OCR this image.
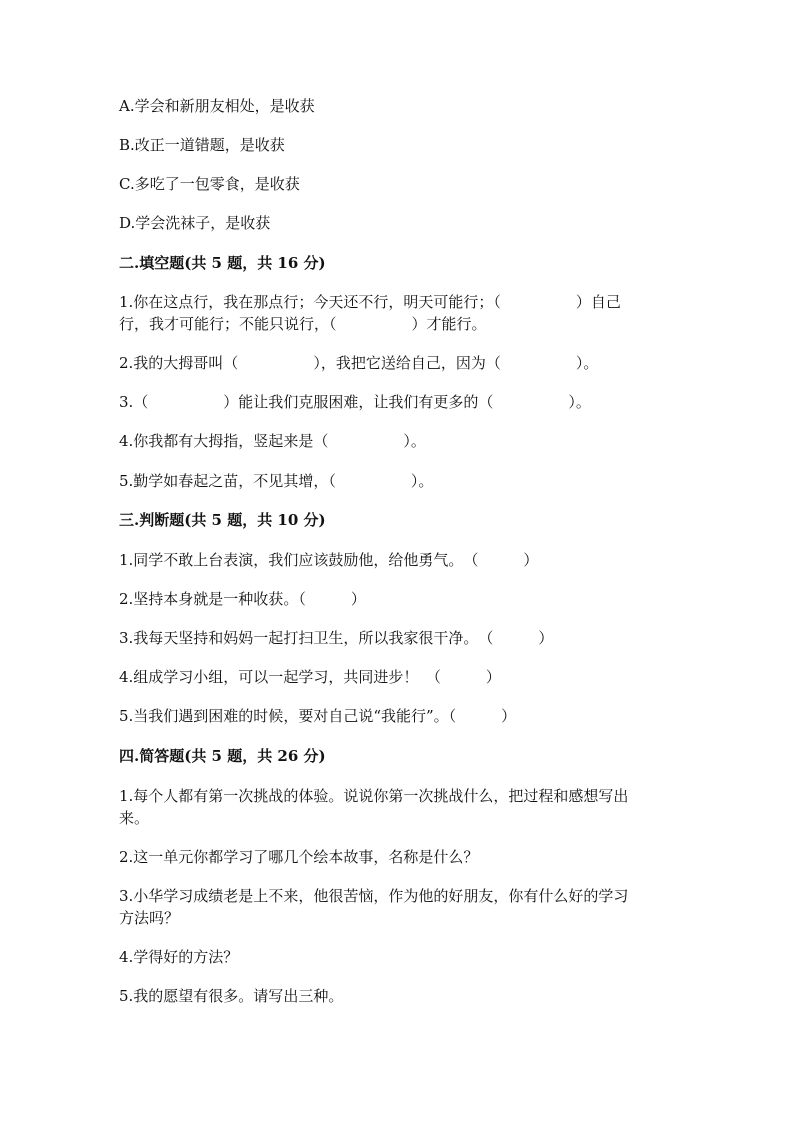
A.学会和新朋友相处，是收获
B.改正一道错题，是收获
C.多吃了一包零食，是收获
D.学会洗袜子，是收获
二.填空题(共 5 题，共 16 分)
1.你在这点行，我在那点行；今天还不行，明天可能行；（　　　　　）自己
行，我才可能行；不能只说行，（　　　　　）才能行。
2.我的大拇哥叫（　　　　　），我把它送给自己，因为（　　　　　）。
3.（　　　　　）能让我们克服困难，让我们有更多的（　　　　　）。
4.你我都有大拇指，竖起来是（　　　　　）。
5.勤学如春起之苗，不见其增，（　　　　　）。
三.判断题(共 5 题，共 10 分)
1.同学不敢上台表演，我们应该鼓励他，给他勇气。　（　　　）
2.坚持本身就是一种收获。（　　　）
3.我每天坚持和妈妈一起打扫卫生，所以我家很干净。　（　　　）
4.组成学习小组，可以一起学习，共同进步！　（　　　）
5.当我们遇到困难的时候，要对自己说“我能行”。（　　　）
四.简答题(共 5 题，共 26 分)
1.每个人都有第一次挑战的体验。说说你第一次挑战什么，把过程和感想写出
来。
2.这一单元你都学习了哪几个绘本故事，名称是什么？
3.小华学习成绩老是上不来，他很苦恼，作为他的好朋友，你有什么好的学习
方法吗？
4.学得好的方法？
5.我的愿望有很多。请写出三种。
